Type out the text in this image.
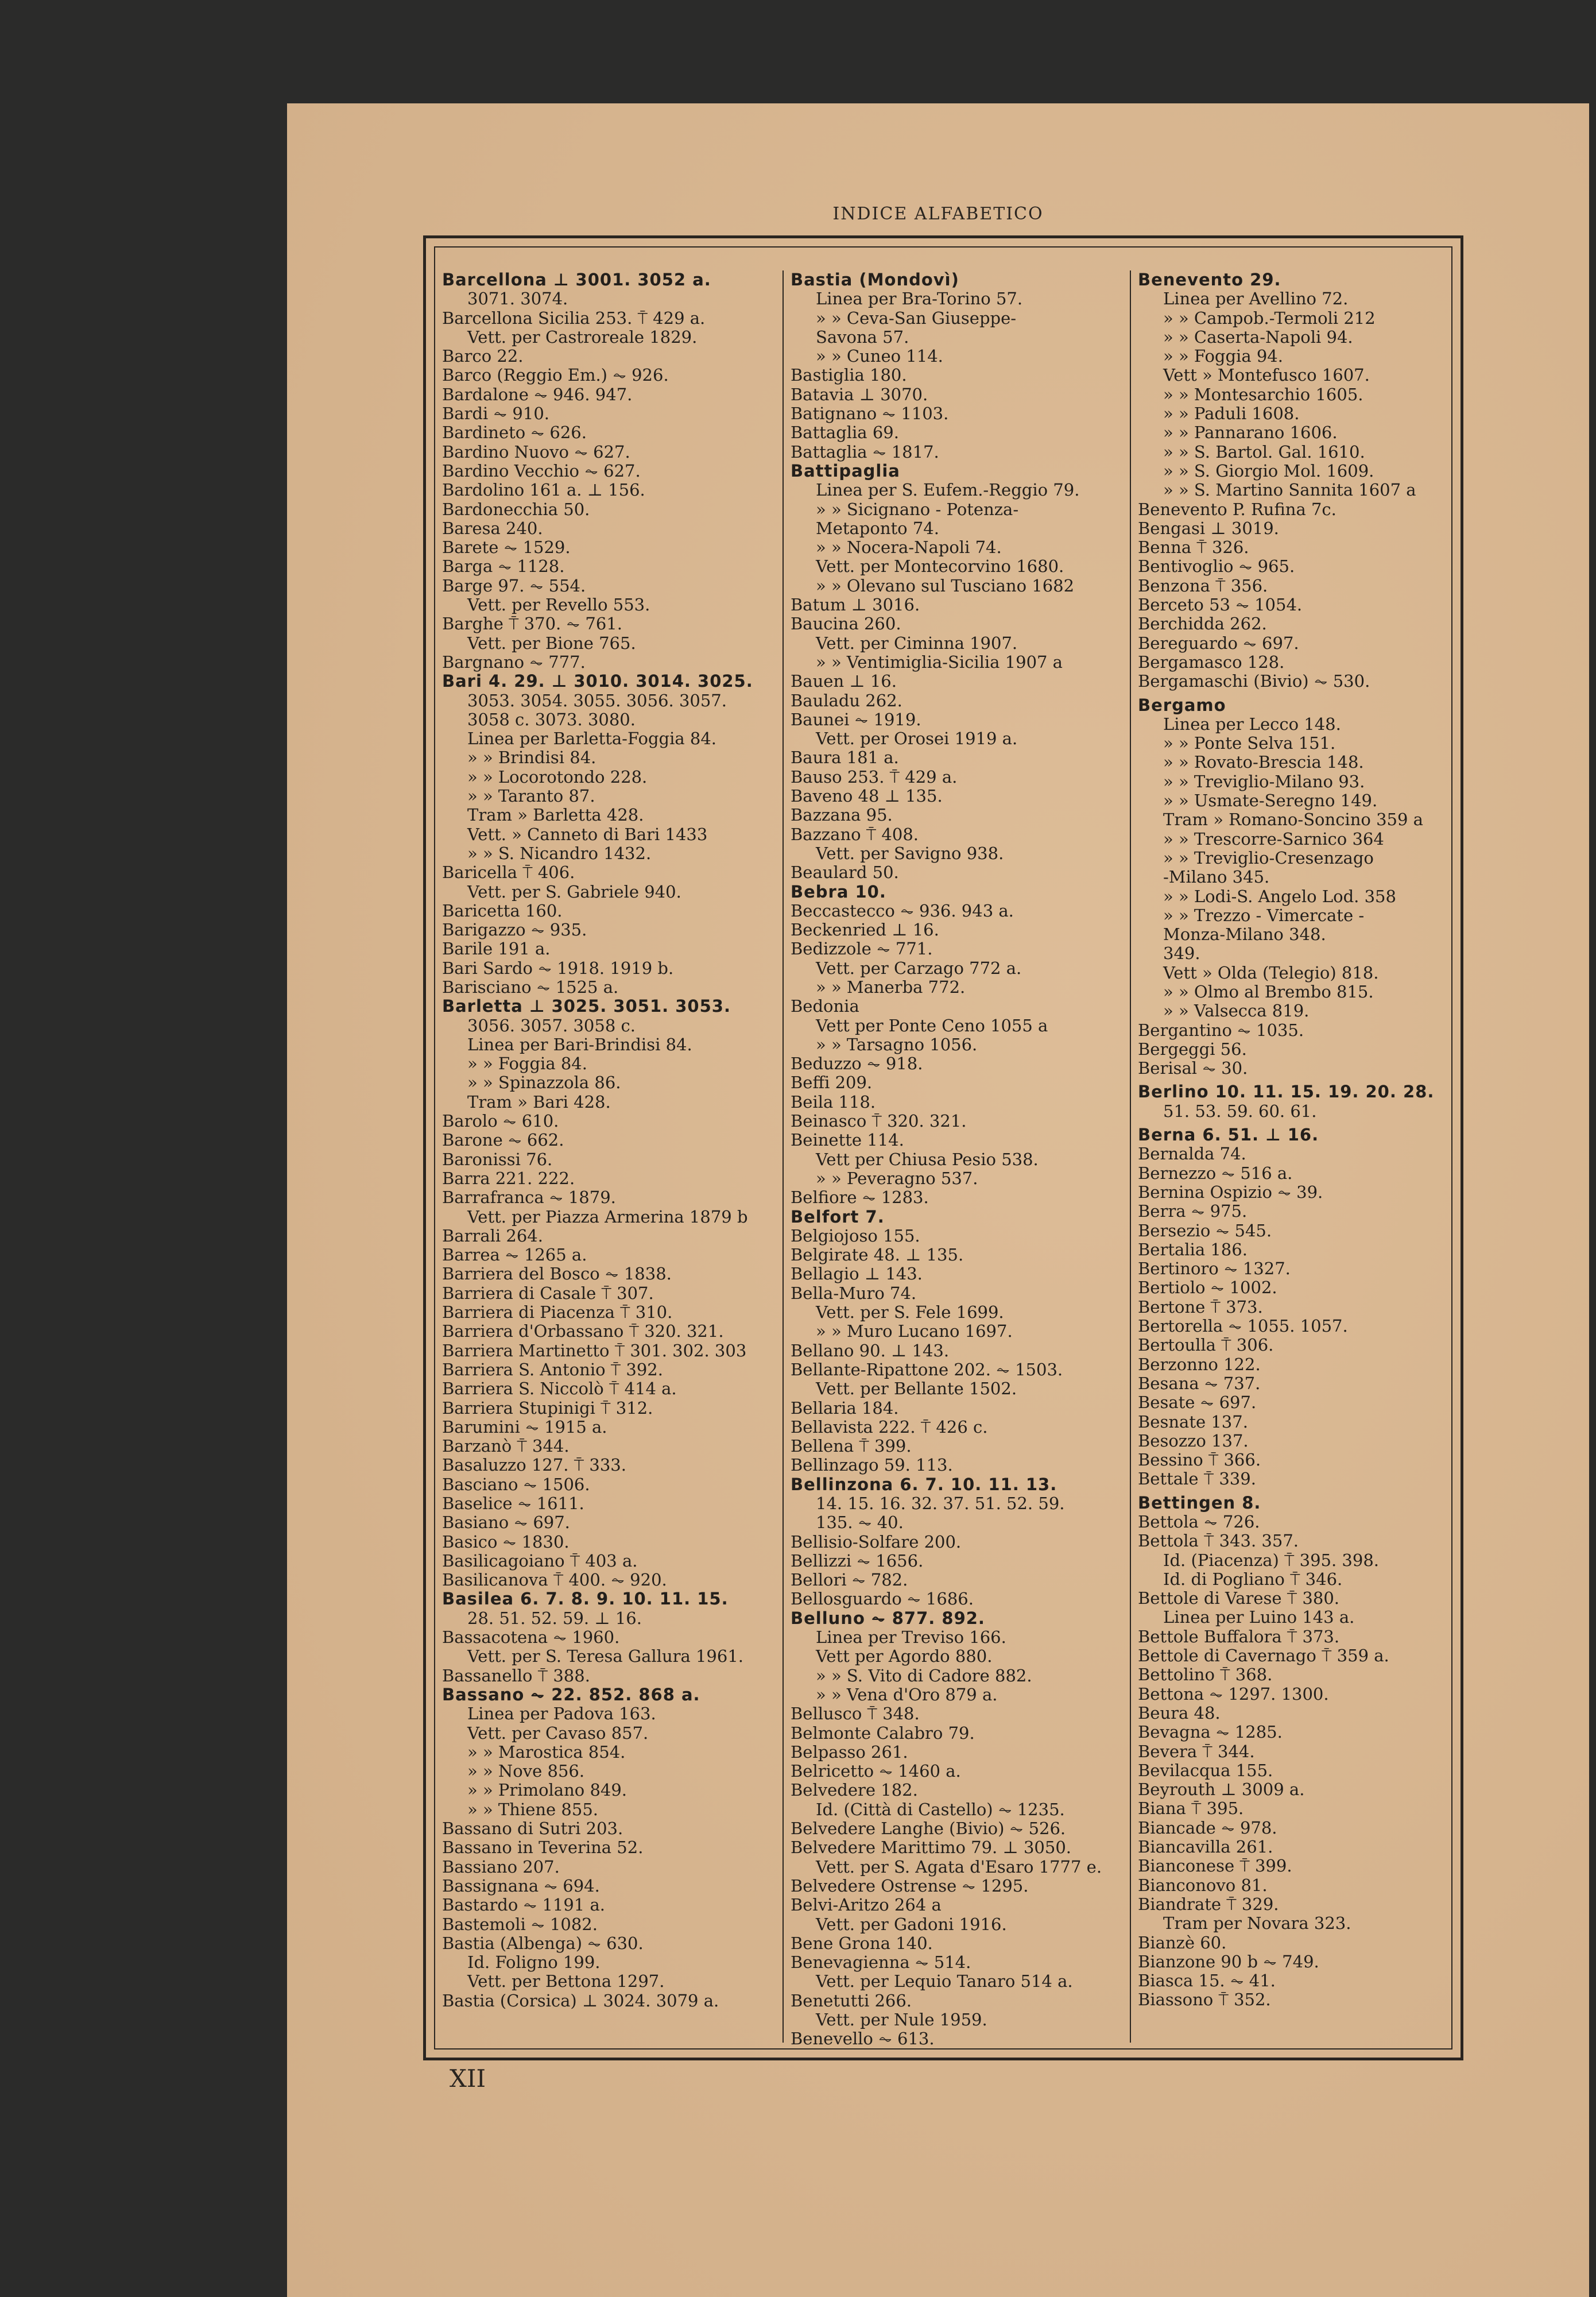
INDICE ALFABETICO
Barcellona ⊥ 3001. 3052 a.
3071. 3074.
Barcellona Sicilia 253. ⍑ 429 a.
Vett. per Castroreale 1829.
Barco 22.
Barco (Reggio Em.) ⏦ 926.
Bardalone ⏦ 946. 947.
Bardi ⏦ 910.
Bardineto ⏦ 626.
Bardino Nuovo ⏦ 627.
Bardino Vecchio ⏦ 627.
Bardolino 161 a. ⊥ 156.
Bardonecchia 50.
Baresa 240.
Barete ⏦ 1529.
Barga ⏦ 1128.
Barge 97. ⏦ 554.
Vett. per Revello 553.
Barghe ⍑ 370. ⏦ 761.
Vett. per Bione 765.
Bargnano ⏦ 777.
Bari 4. 29. ⊥ 3010. 3014. 3025.
3053. 3054. 3055. 3056. 3057.
3058 c. 3073. 3080.
Linea per Barletta-Foggia 84.
» » Brindisi 84.
» » Locorotondo 228.
» » Taranto 87.
Tram » Barletta 428.
Vett. » Canneto di Bari 1433
» » S. Nicandro 1432.
Baricella ⍑ 406.
Vett. per S. Gabriele 940.
Baricetta 160.
Barigazzo ⏦ 935.
Barile 191 a.
Bari Sardo ⏦ 1918. 1919 b.
Barisciano ⏦ 1525 a.
Barletta ⊥ 3025. 3051. 3053.
3056. 3057. 3058 c.
Linea per Bari-Brindisi 84.
» » Foggia 84.
» » Spinazzola 86.
Tram » Bari 428.
Barolo ⏦ 610.
Barone ⏦ 662.
Baronissi 76.
Barra 221. 222.
Barrafranca ⏦ 1879.
Vett. per Piazza Armerina 1879 b
Barrali 264.
Barrea ⏦ 1265 a.
Barriera del Bosco ⏦ 1838.
Barriera di Casale ⍑ 307.
Barriera di Piacenza ⍑ 310.
Barriera d'Orbassano ⍑ 320. 321.
Barriera Martinetto ⍑ 301. 302. 303
Barriera S. Antonio ⍑ 392.
Barriera S. Niccolò ⍑ 414 a.
Barriera Stupinigi ⍑ 312.
Barumini ⏦ 1915 a.
Barzanò ⍑ 344.
Basaluzzo 127. ⍑ 333.
Basciano ⏦ 1506.
Baselice ⏦ 1611.
Basiano ⏦ 697.
Basico ⏦ 1830.
Basilicagoiano ⍑ 403 a.
Basilicanova ⍑ 400. ⏦ 920.
Basilea 6. 7. 8. 9. 10. 11. 15.
28. 51. 52. 59. ⊥ 16.
Bassacotena ⏦ 1960.
Vett. per S. Teresa Gallura 1961.
Bassanello ⍑ 388.
Bassano ⏦ 22. 852. 868 a.
Linea per Padova 163.
Vett. per Cavaso 857.
» » Marostica 854.
» » Nove 856.
» » Primolano 849.
» » Thiene 855.
Bassano di Sutri 203.
Bassano in Teverina 52.
Bassiano 207.
Bassignana ⏦ 694.
Bastardo ⏦ 1191 a.
Bastemoli ⏦ 1082.
Bastia (Albenga) ⏦ 630.
Id. Foligno 199.
Vett. per Bettona 1297.
Bastia (Corsica) ⊥ 3024. 3079 a.
Bastia (Mondovì)
Linea per Bra-Torino 57.
» » Ceva-San Giuseppe-
Savona 57.
» » Cuneo 114.
Bastiglia 180.
Batavia ⊥ 3070.
Batignano ⏦ 1103.
Battaglia 69.
Battaglia ⏦ 1817.
Battipaglia
Linea per S. Eufem.-Reggio 79.
» » Sicignano - Potenza-
Metaponto 74.
» » Nocera-Napoli 74.
Vett. per Montecorvino 1680.
» » Olevano sul Tusciano 1682
Batum ⊥ 3016.
Baucina 260.
Vett. per Ciminna 1907.
» » Ventimiglia-Sicilia 1907 a
Bauen ⊥ 16.
Bauladu 262.
Baunei ⏦ 1919.
Vett. per Orosei 1919 a.
Baura 181 a.
Bauso 253. ⍑ 429 a.
Baveno 48 ⊥ 135.
Bazzana 95.
Bazzano ⍑ 408.
Vett. per Savigno 938.
Beaulard 50.
Bebra 10.
Beccastecco ⏦ 936. 943 a.
Beckenried ⊥ 16.
Bedizzole ⏦ 771.
Vett. per Carzago 772 a.
» » Manerba 772.
Bedonia
Vett per Ponte Ceno 1055 a
» » Tarsagno 1056.
Beduzzo ⏦ 918.
Beffi 209.
Beila 118.
Beinasco ⍑ 320. 321.
Beinette 114.
Vett per Chiusa Pesio 538.
» » Peveragno 537.
Belfiore ⏦ 1283.
Belfort 7.
Belgiojoso 155.
Belgirate 48. ⊥ 135.
Bellagio ⊥ 143.
Bella-Muro 74.
Vett. per S. Fele 1699.
» » Muro Lucano 1697.
Bellano 90. ⊥ 143.
Bellante-Ripattone 202. ⏦ 1503.
Vett. per Bellante 1502.
Bellaria 184.
Bellavista 222. ⍑ 426 c.
Bellena ⍑ 399.
Bellinzago 59. 113.
Bellinzona 6. 7. 10. 11. 13.
14. 15. 16. 32. 37. 51. 52. 59.
135. ⏦ 40.
Bellisio-Solfare 200.
Bellizzi ⏦ 1656.
Bellori ⏦ 782.
Bellosguardo ⏦ 1686.
Belluno ⏦ 877. 892.
Linea per Treviso 166.
Vett per Agordo 880.
» » S. Vito di Cadore 882.
» » Vena d'Oro 879 a.
Bellusco ⍑ 348.
Belmonte Calabro 79.
Belpasso 261.
Belricetto ⏦ 1460 a.
Belvedere 182.
Id. (Città di Castello) ⏦ 1235.
Belvedere Langhe (Bivio) ⏦ 526.
Belvedere Marittimo 79. ⊥ 3050.
Vett. per S. Agata d'Esaro 1777 e.
Belvedere Ostrense ⏦ 1295.
Belvi-Aritzo 264 a
Vett. per Gadoni 1916.
Bene Grona 140.
Benevagienna ⏦ 514.
Vett. per Lequio Tanaro 514 a.
Benetutti 266.
Vett. per Nule 1959.
Benevello ⏦ 613.
Benevento 29.
Linea per Avellino 72.
» » Campob.-Termoli 212
» » Caserta-Napoli 94.
» » Foggia 94.
Vett » Montefusco 1607.
» » Montesarchio 1605.
» » Paduli 1608.
» » Pannarano 1606.
» » S. Bartol. Gal. 1610.
» » S. Giorgio Mol. 1609.
» » S. Martino Sannita 1607 a
Benevento P. Rufina 7c.
Bengasi ⊥ 3019.
Benna ⍑ 326.
Bentivoglio ⏦ 965.
Benzona ⍑ 356.
Berceto 53 ⏦ 1054.
Berchidda 262.
Bereguardo ⏦ 697.
Bergamasco 128.
Bergamaschi (Bivio) ⏦ 530.
Bergamo
Linea per Lecco 148.
» » Ponte Selva 151.
» » Rovato-Brescia 148.
» » Treviglio-Milano 93.
» » Usmate-Seregno 149.
Tram » Romano-Soncino 359 a
» » Trescorre-Sarnico 364
» » Treviglio-Cresenzago
-Milano 345.
» » Lodi-S. Angelo Lod. 358
» » Trezzo - Vimercate -
Monza-Milano 348.
349.
Vett » Olda (Telegio) 818.
» » Olmo al Brembo 815.
» » Valsecca 819.
Bergantino ⏦ 1035.
Bergeggi 56.
Berisal ⏦ 30.
Berlino 10. 11. 15. 19. 20. 28.
51. 53. 59. 60. 61.
Berna 6. 51. ⊥ 16.
Bernalda 74.
Bernezzo ⏦ 516 a.
Bernina Ospizio ⏦ 39.
Berra ⏦ 975.
Bersezio ⏦ 545.
Bertalia 186.
Bertinoro ⏦ 1327.
Bertiolo ⏦ 1002.
Bertone ⍑ 373.
Bertorella ⏦ 1055. 1057.
Bertoulla ⍑ 306.
Berzonno 122.
Besana ⏦ 737.
Besate ⏦ 697.
Besnate 137.
Besozzo 137.
Bessino ⍑ 366.
Bettale ⍑ 339.
Bettingen 8.
Bettola ⏦ 726.
Bettola ⍑ 343. 357.
Id. (Piacenza) ⍑ 395. 398.
Id. di Pogliano ⍑ 346.
Bettole di Varese ⍑ 380.
Linea per Luino 143 a.
Bettole Buffalora ⍑ 373.
Bettole di Cavernago ⍑ 359 a.
Bettolino ⍑ 368.
Bettona ⏦ 1297. 1300.
Beura 48.
Bevagna ⏦ 1285.
Bevera ⍑ 344.
Bevilacqua 155.
Beyrouth ⊥ 3009 a.
Biana ⍑ 395.
Biancade ⏦ 978.
Biancavilla 261.
Bianconese ⍑ 399.
Bianconovo 81.
Biandrate ⍑ 329.
Tram per Novara 323.
Bianzè 60.
Bianzone 90 b ⏦ 749.
Biasca 15. ⏦ 41.
Biassono ⍑ 352.
XII
